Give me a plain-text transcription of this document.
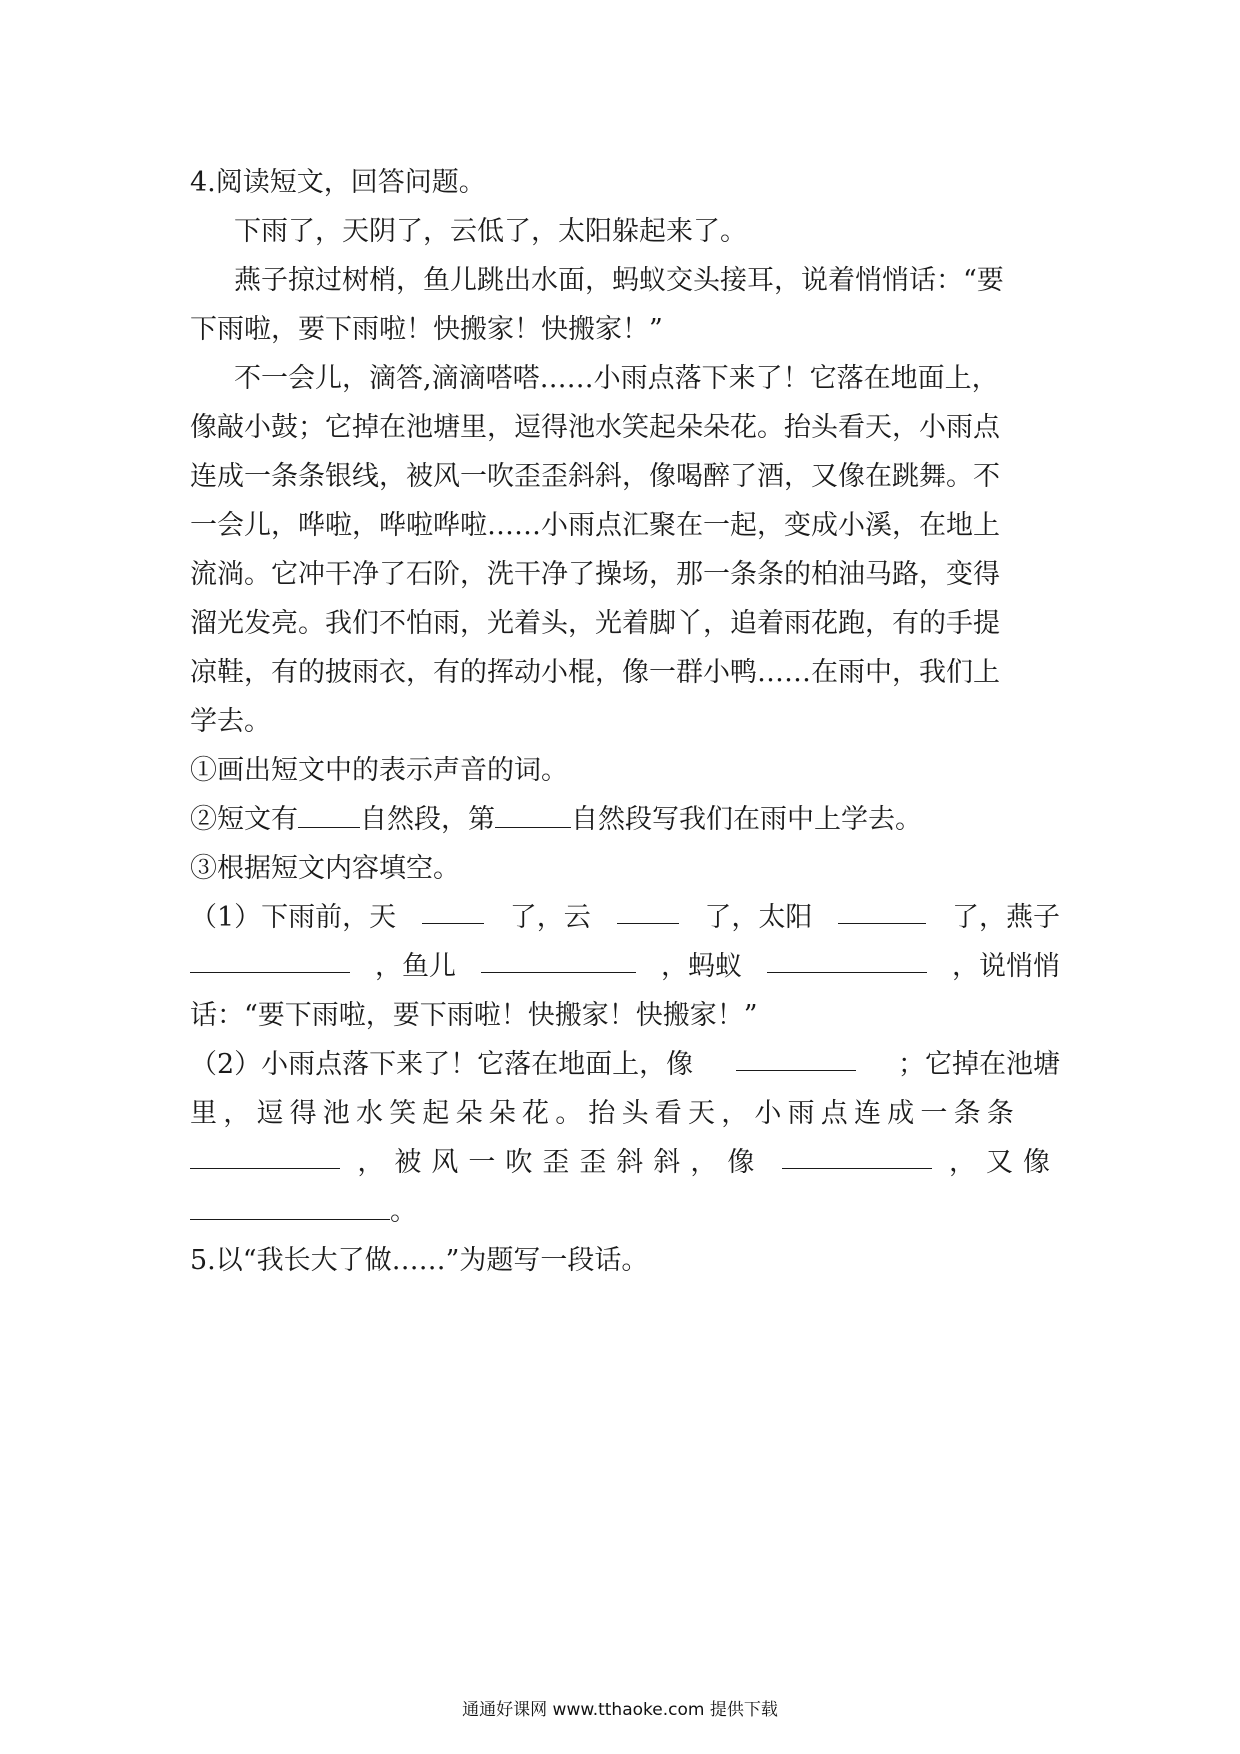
4.阅读短文，回答问题。
下雨了，天阴了，云低了，太阳躲起来了。
燕子掠过树梢，鱼儿跳出水面，蚂蚁交头接耳，说着悄悄话：“要
下雨啦，要下雨啦！快搬家！快搬家！”
不一会儿，滴答,滴滴嗒嗒……小雨点落下来了！它落在地面上，
像敲小鼓；它掉在池塘里，逗得池水笑起朵朵花。抬头看天，小雨点
连成一条条银线，被风一吹歪歪斜斜，像喝醉了酒，又像在跳舞。不
一会儿，哗啦，哗啦哗啦……小雨点汇聚在一起，变成小溪，在地上
流淌。它冲干净了石阶，洗干净了操场，那一条条的柏油马路，变得
溜光发亮。我们不怕雨，光着头，光着脚丫，追着雨花跑，有的手提
凉鞋，有的披雨衣，有的挥动小棍，像一群小鸭……在雨中，我们上
学去。
①画出短文中的表示声音的词。
②短文有 自然段，第	自然段写我们在雨中上学去。
③根据短文内容填空。
（1）下雨前，天	了，云	了，太阳	了，燕子
，鱼儿	，蚂蚁	，说悄悄
话：“要下雨啦，要下雨啦！快搬家！快搬家！”
（2）小雨点落下来了！它落在地面上，像	；它掉在池塘
里，逗得池水笑起朵朵花。抬头看天，小雨点连成一条条
，被风一吹歪歪斜斜，像	，又像
。
5.以“我长大了做……”为题写一段话。
通通好课网 www.tthaoke.com 提供下载
